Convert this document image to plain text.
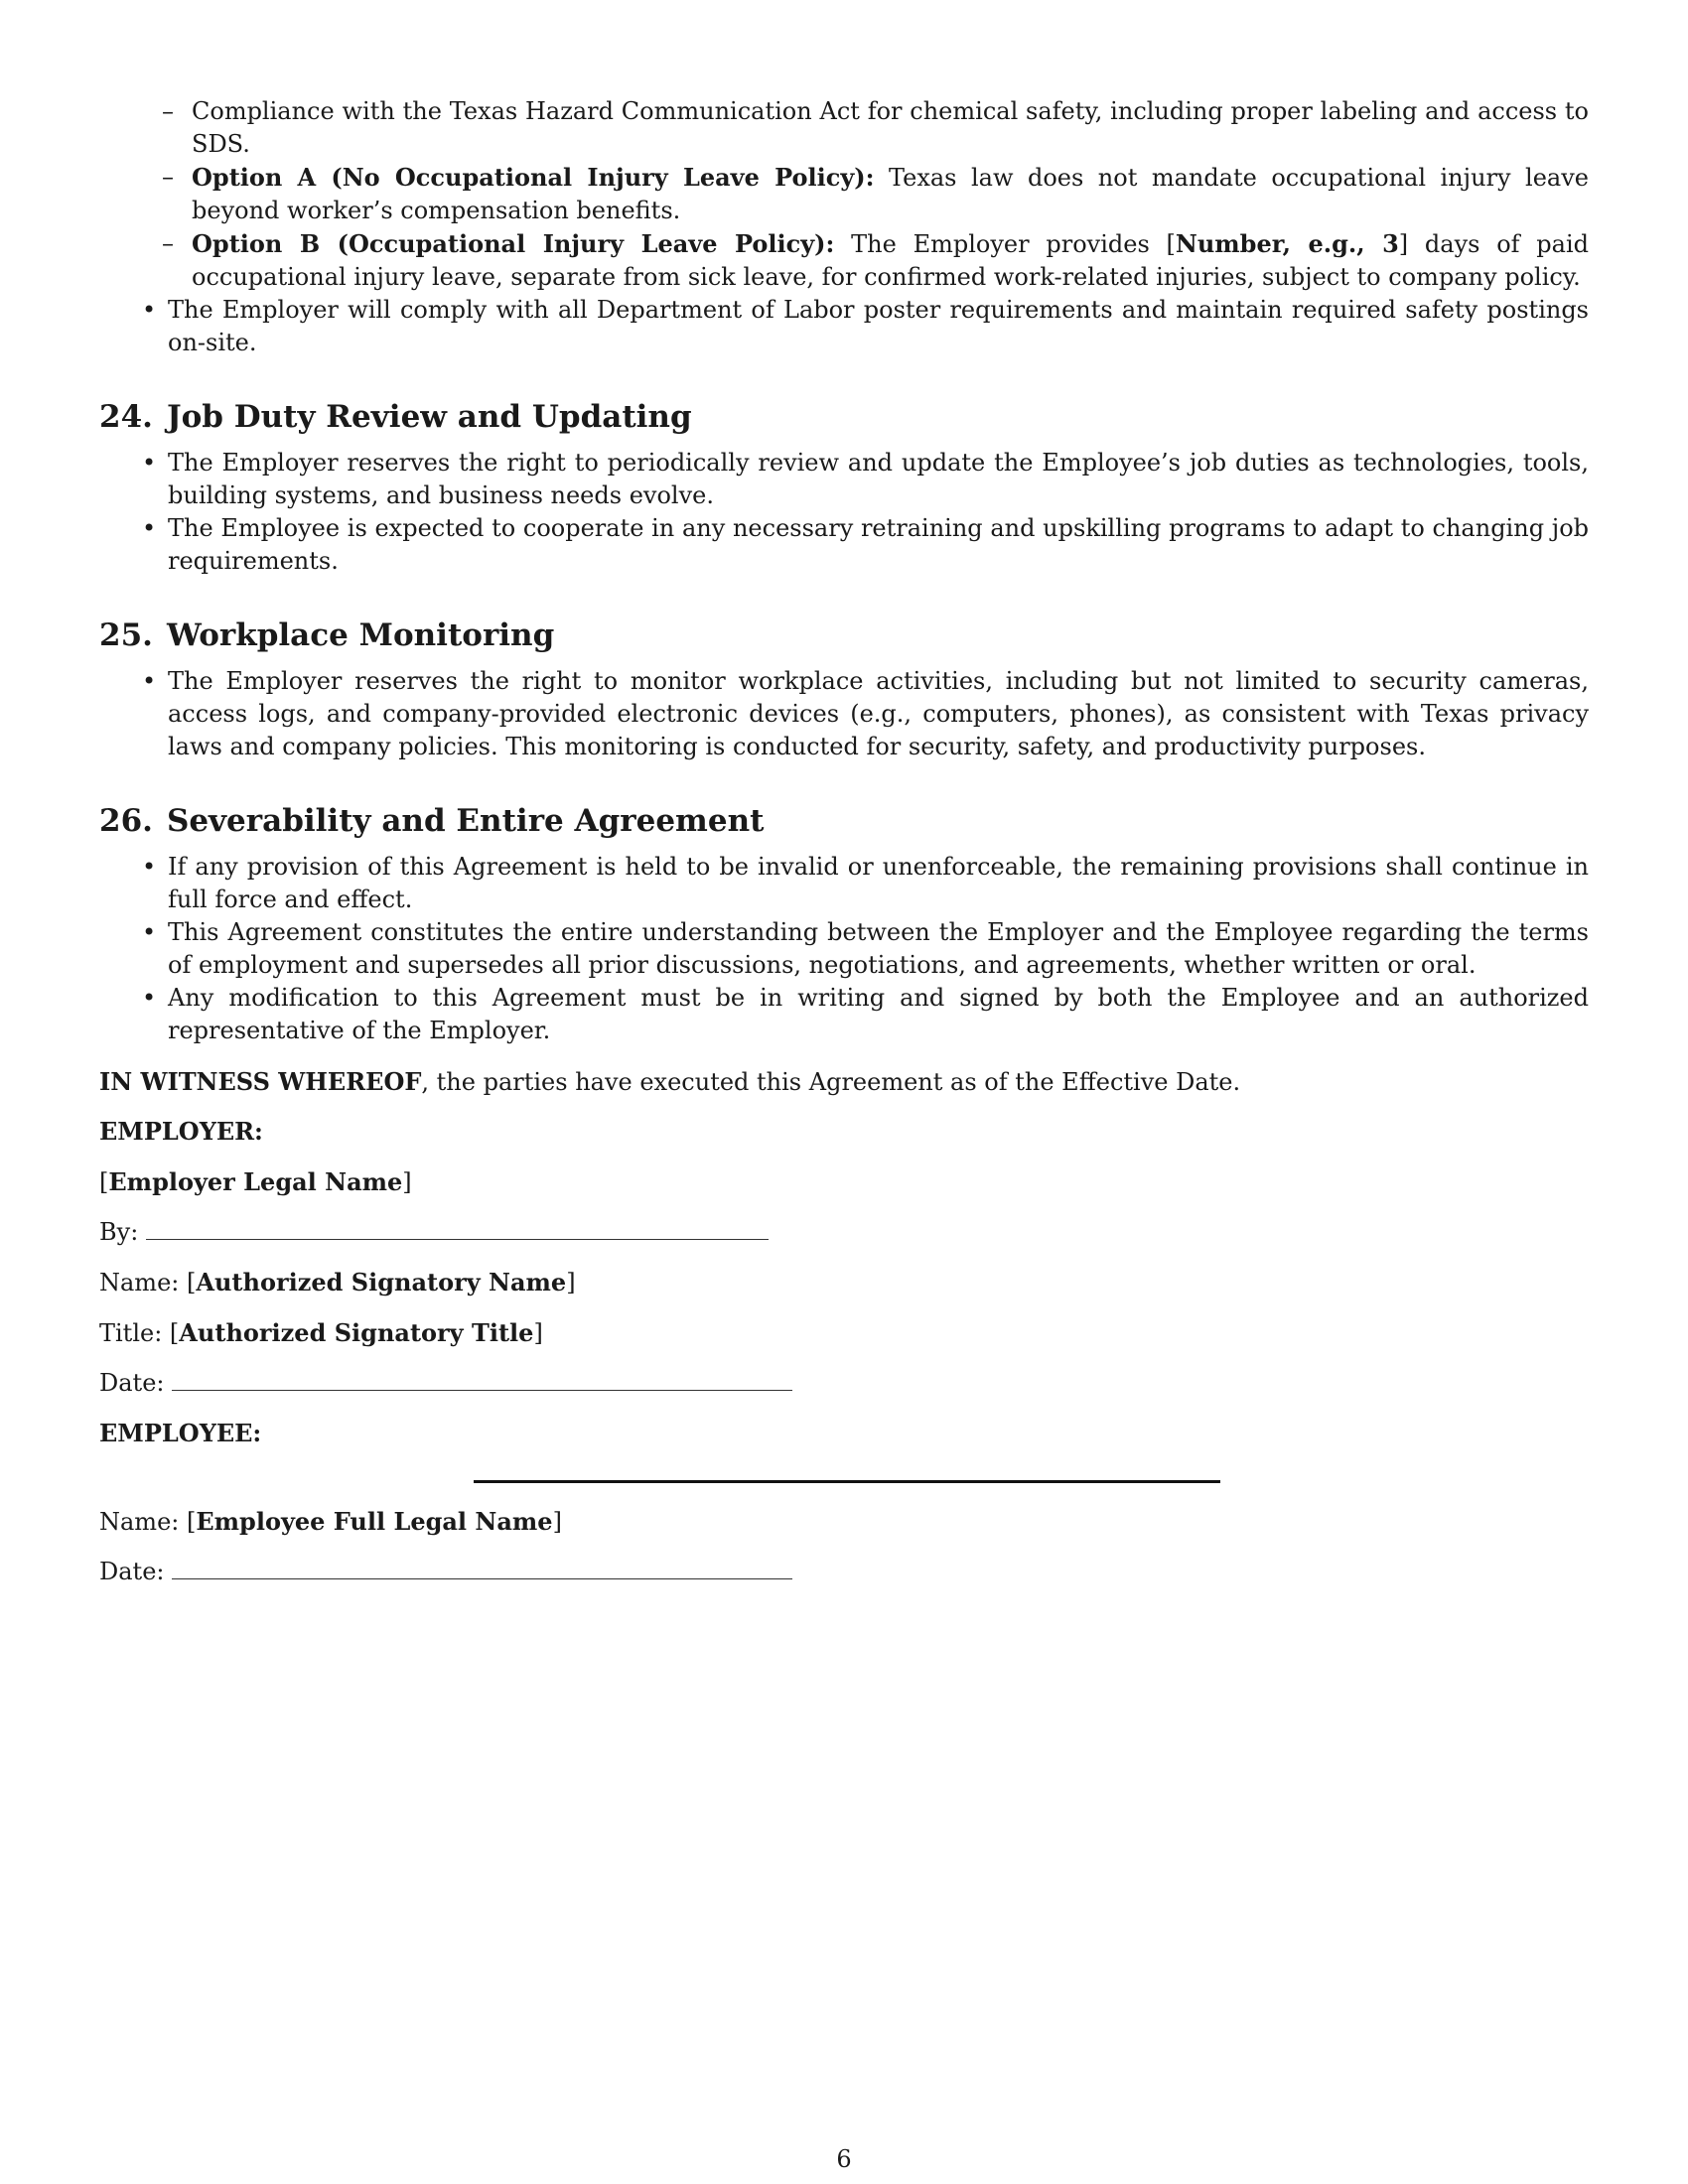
– Compliance with the Texas Hazard Communication Act for chemical safety, including proper labeling and access to SDS.
– Option A (No Occupational Injury Leave Policy): Texas law does not mandate occupational injury leave beyond worker’s compensation benefits.
– Option B (Occupational Injury Leave Policy): The Employer provides [Number, e.g., 3] days of paid occupational injury leave, separate from sick leave, for confirmed work-related injuries, subject to company policy.
• The Employer will comply with all Department of Labor poster requirements and maintain required safety postings on-site.
24. Job Duty Review and Updating
• The Employer reserves the right to periodically review and update the Employee’s job duties as technologies, tools, building systems, and business needs evolve.
• The Employee is expected to cooperate in any necessary retraining and upskilling programs to adapt to changing job requirements.
25. Workplace Monitoring
• The Employer reserves the right to monitor workplace activities, including but not limited to security cameras, access logs, and company-provided electronic devices (e.g., computers, phones), as consistent with Texas privacy laws and company policies. This monitoring is conducted for security, safety, and productivity purposes.
26. Severability and Entire Agreement
• If any provision of this Agreement is held to be invalid or unenforceable, the remaining provisions shall continue in full force and effect.
• This Agreement constitutes the entire understanding between the Employer and the Employee regarding the terms of employment and supersedes all prior discussions, negotiations, and agreements, whether written or oral.
• Any modification to this Agreement must be in writing and signed by both the Employee and an authorized representative of the Employer.

IN WITNESS WHEREOF, the parties have executed this Agreement as of the Effective Date.

EMPLOYER:

[Employer Legal Name]

By:

Name: [Authorized Signatory Name]

Title: [Authorized Signatory Title]

Date:

EMPLOYEE:

Name: [Employee Full Legal Name]

Date:

6
